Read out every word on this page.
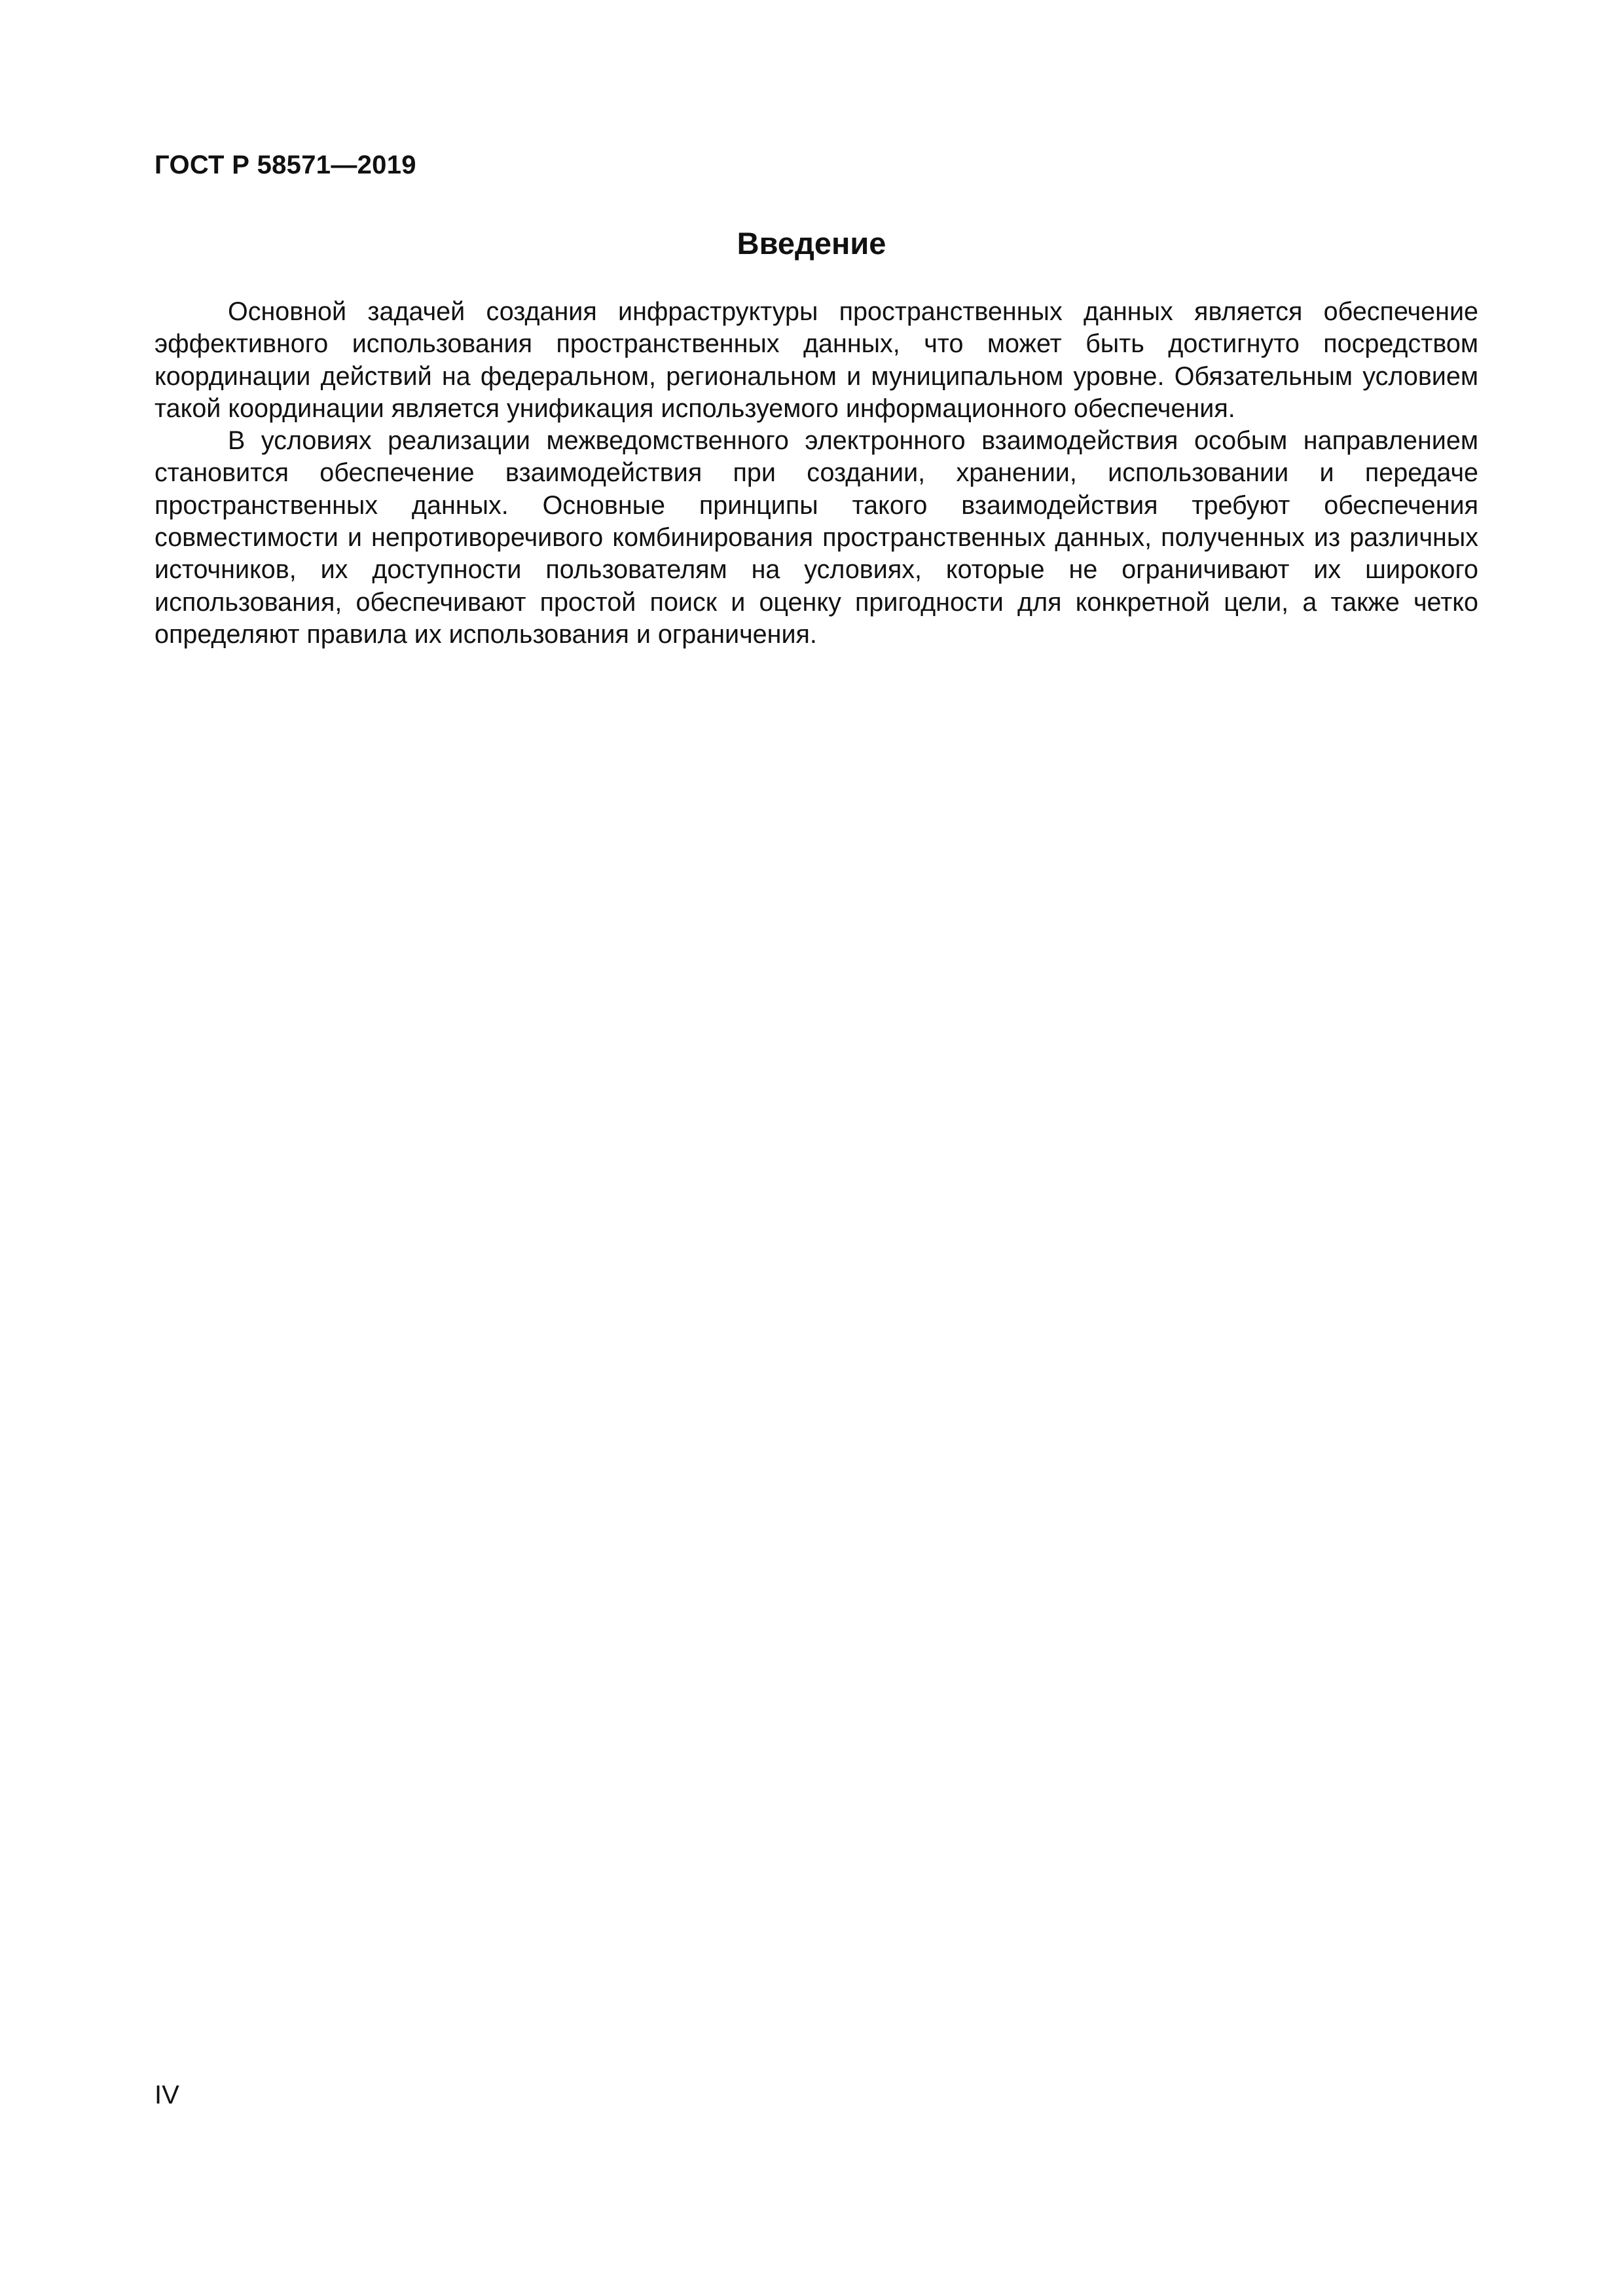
ГОСТ Р 58571—2019
Введение

Основной задачей создания инфраструктуры пространственных данных является обеспечение эффективного использования пространственных данных, что может быть достигнуто посредством координации действий на федеральном, региональном и муниципальном уровне. Обязательным условием такой координации является унификация используемого информационного обеспечения.

В условиях реализации межведомственного электронного взаимодействия особым направлением становится обеспечение взаимодействия при создании, хранении, использовании и передаче пространственных данных. Основные принципы такого взаимодействия требуют обеспечения совместимости и непротиворечивого комбинирования пространственных данных, полученных из различных источников, их доступности пользователям на условиях, которые не ограничивают их широкого использования, обеспечивают простой поиск и оценку пригодности для конкретной цели, а также четко определяют правила их использования и ограничения.

IV
